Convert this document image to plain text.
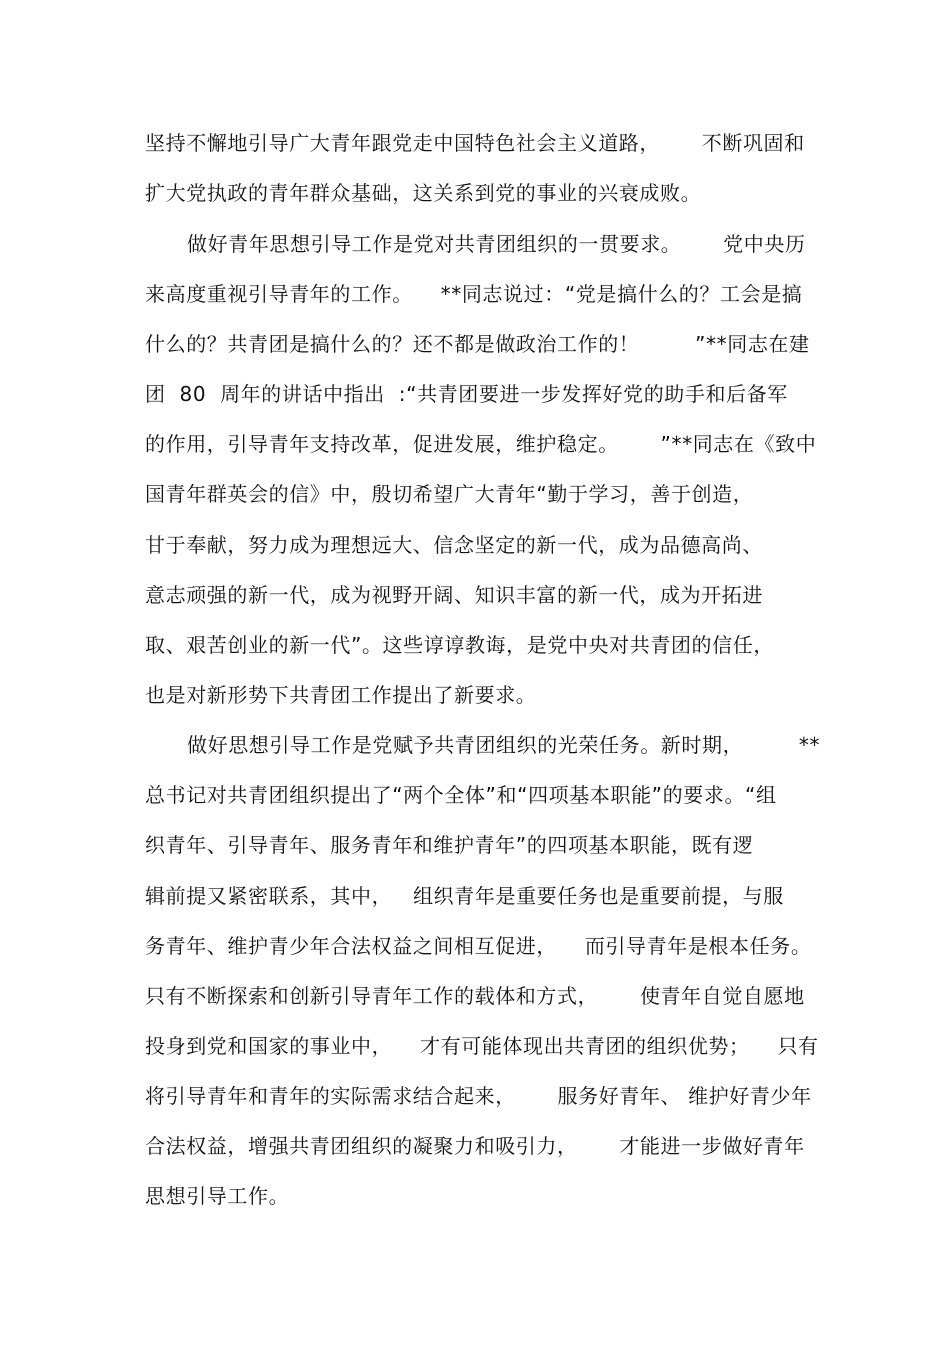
坚持不懈地引导广大青年跟党走中国特色社会主义道路，      不断巩固和
扩大党执政的青年群众基础，这关系到党的事业的兴衰成败。
做好青年思想引导工作是党对共青团组织的一贯要求。      党中央历
来高度重视引导青年的工作。    **同志说过：“党是搞什么的？工会是搞
什么的？共青团是搞什么的？还不都是做政治工作的！        ”**同志在建
团  80  周年的讲话中指出  :“共青团要进一步发挥好党的助手和后备军
的作用，引导青年支持改革，促进发展，维护稳定。      ”**同志在《致中
国青年群英会的信》中，殷切希望广大青年“勤于学习，善于创造，
甘于奉献，努力成为理想远大、信念坚定的新一代，成为品德高尚、
意志顽强的新一代，成为视野开阔、知识丰富的新一代，成为开拓进
取、艰苦创业的新一代”。这些谆谆教诲，是党中央对共青团的信任，
也是对新形势下共青团工作提出了新要求。
做好思想引导工作是党赋予共青团组织的光荣任务。新时期，        **
总书记对共青团组织提出了“两个全体”和“四项基本职能”的要求。“组
织青年、引导青年、服务青年和维护青年”的四项基本职能，既有逻
辑前提又紧密联系，其中，   组织青年是重要任务也是重要前提，与服
务青年、维护青少年合法权益之间相互促进，    而引导青年是根本任务。
只有不断探索和创新引导青年工作的载体和方式，      使青年自觉自愿地
投身到党和国家的事业中，    才有可能体现出共青团的组织优势；    只有
将引导青年和青年的实际需求结合起来，      服务好青年、 维护好青少年
合法权益，增强共青团组织的凝聚力和吸引力，      才能进一步做好青年
思想引导工作。
